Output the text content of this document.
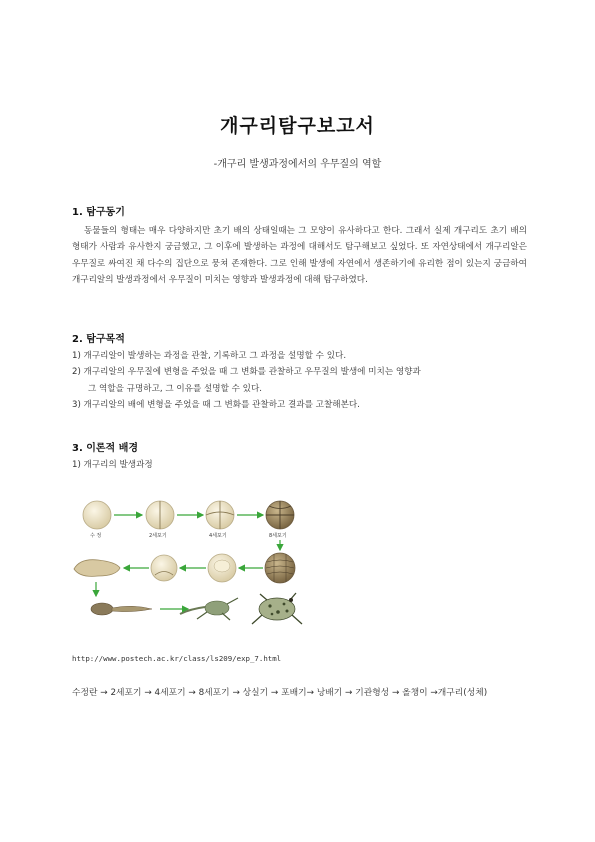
개구리탐구보고서
-개구리 발생과정에서의 우무질의 역할
1. 탐구동기

동물들의 형태는 매우 다양하지만 초기 배의 상태일때는 그 모양이 유사하다고 한다. 그래서 실제 개구리도 초기 배의 형태가 사람과 유사한지 궁금했고, 그 이후에 발생하는 과정에 대해서도 탐구해보고 싶었다. 또 자연상태에서 개구리알은 우무질로 싸여진 채 다수의 집단으로 뭉쳐 존재한다. 그로 인해 발생에 자연에서 생존하기에 유리한 점이 있는지 궁금하여 개구리알의 발생과정에서 우무질이 미치는 영향과 발생과정에 대해 탐구하였다.

2. 탐구목적
1) 개구리알이 발생하는 과정을 관찰, 기록하고 그 과정을 설명할 수 있다.
2) 개구리알의 우무질에 변형을 주었을 때 그 변화를 관찰하고 우무질의 발생에 미치는 영향과
그 역할을 규명하고, 그 이유를 설명할 수 있다.
3) 개구리알의 배에 변형을 주었을 때 그 변화를 관찰하고 결과를 고찰해본다.
3. 이론적 배경
1) 개구리의 발생과정
수 정	2세포기	4세포기	8세포기
http://www.postech.ac.kr/class/ls209/exp_7.html
수정란 → 2세포기 → 4세포기 → 8세포기 → 상실기 → 포배기→ 낭배기 → 기관형성 → 올챙이 →개구리(성체)
